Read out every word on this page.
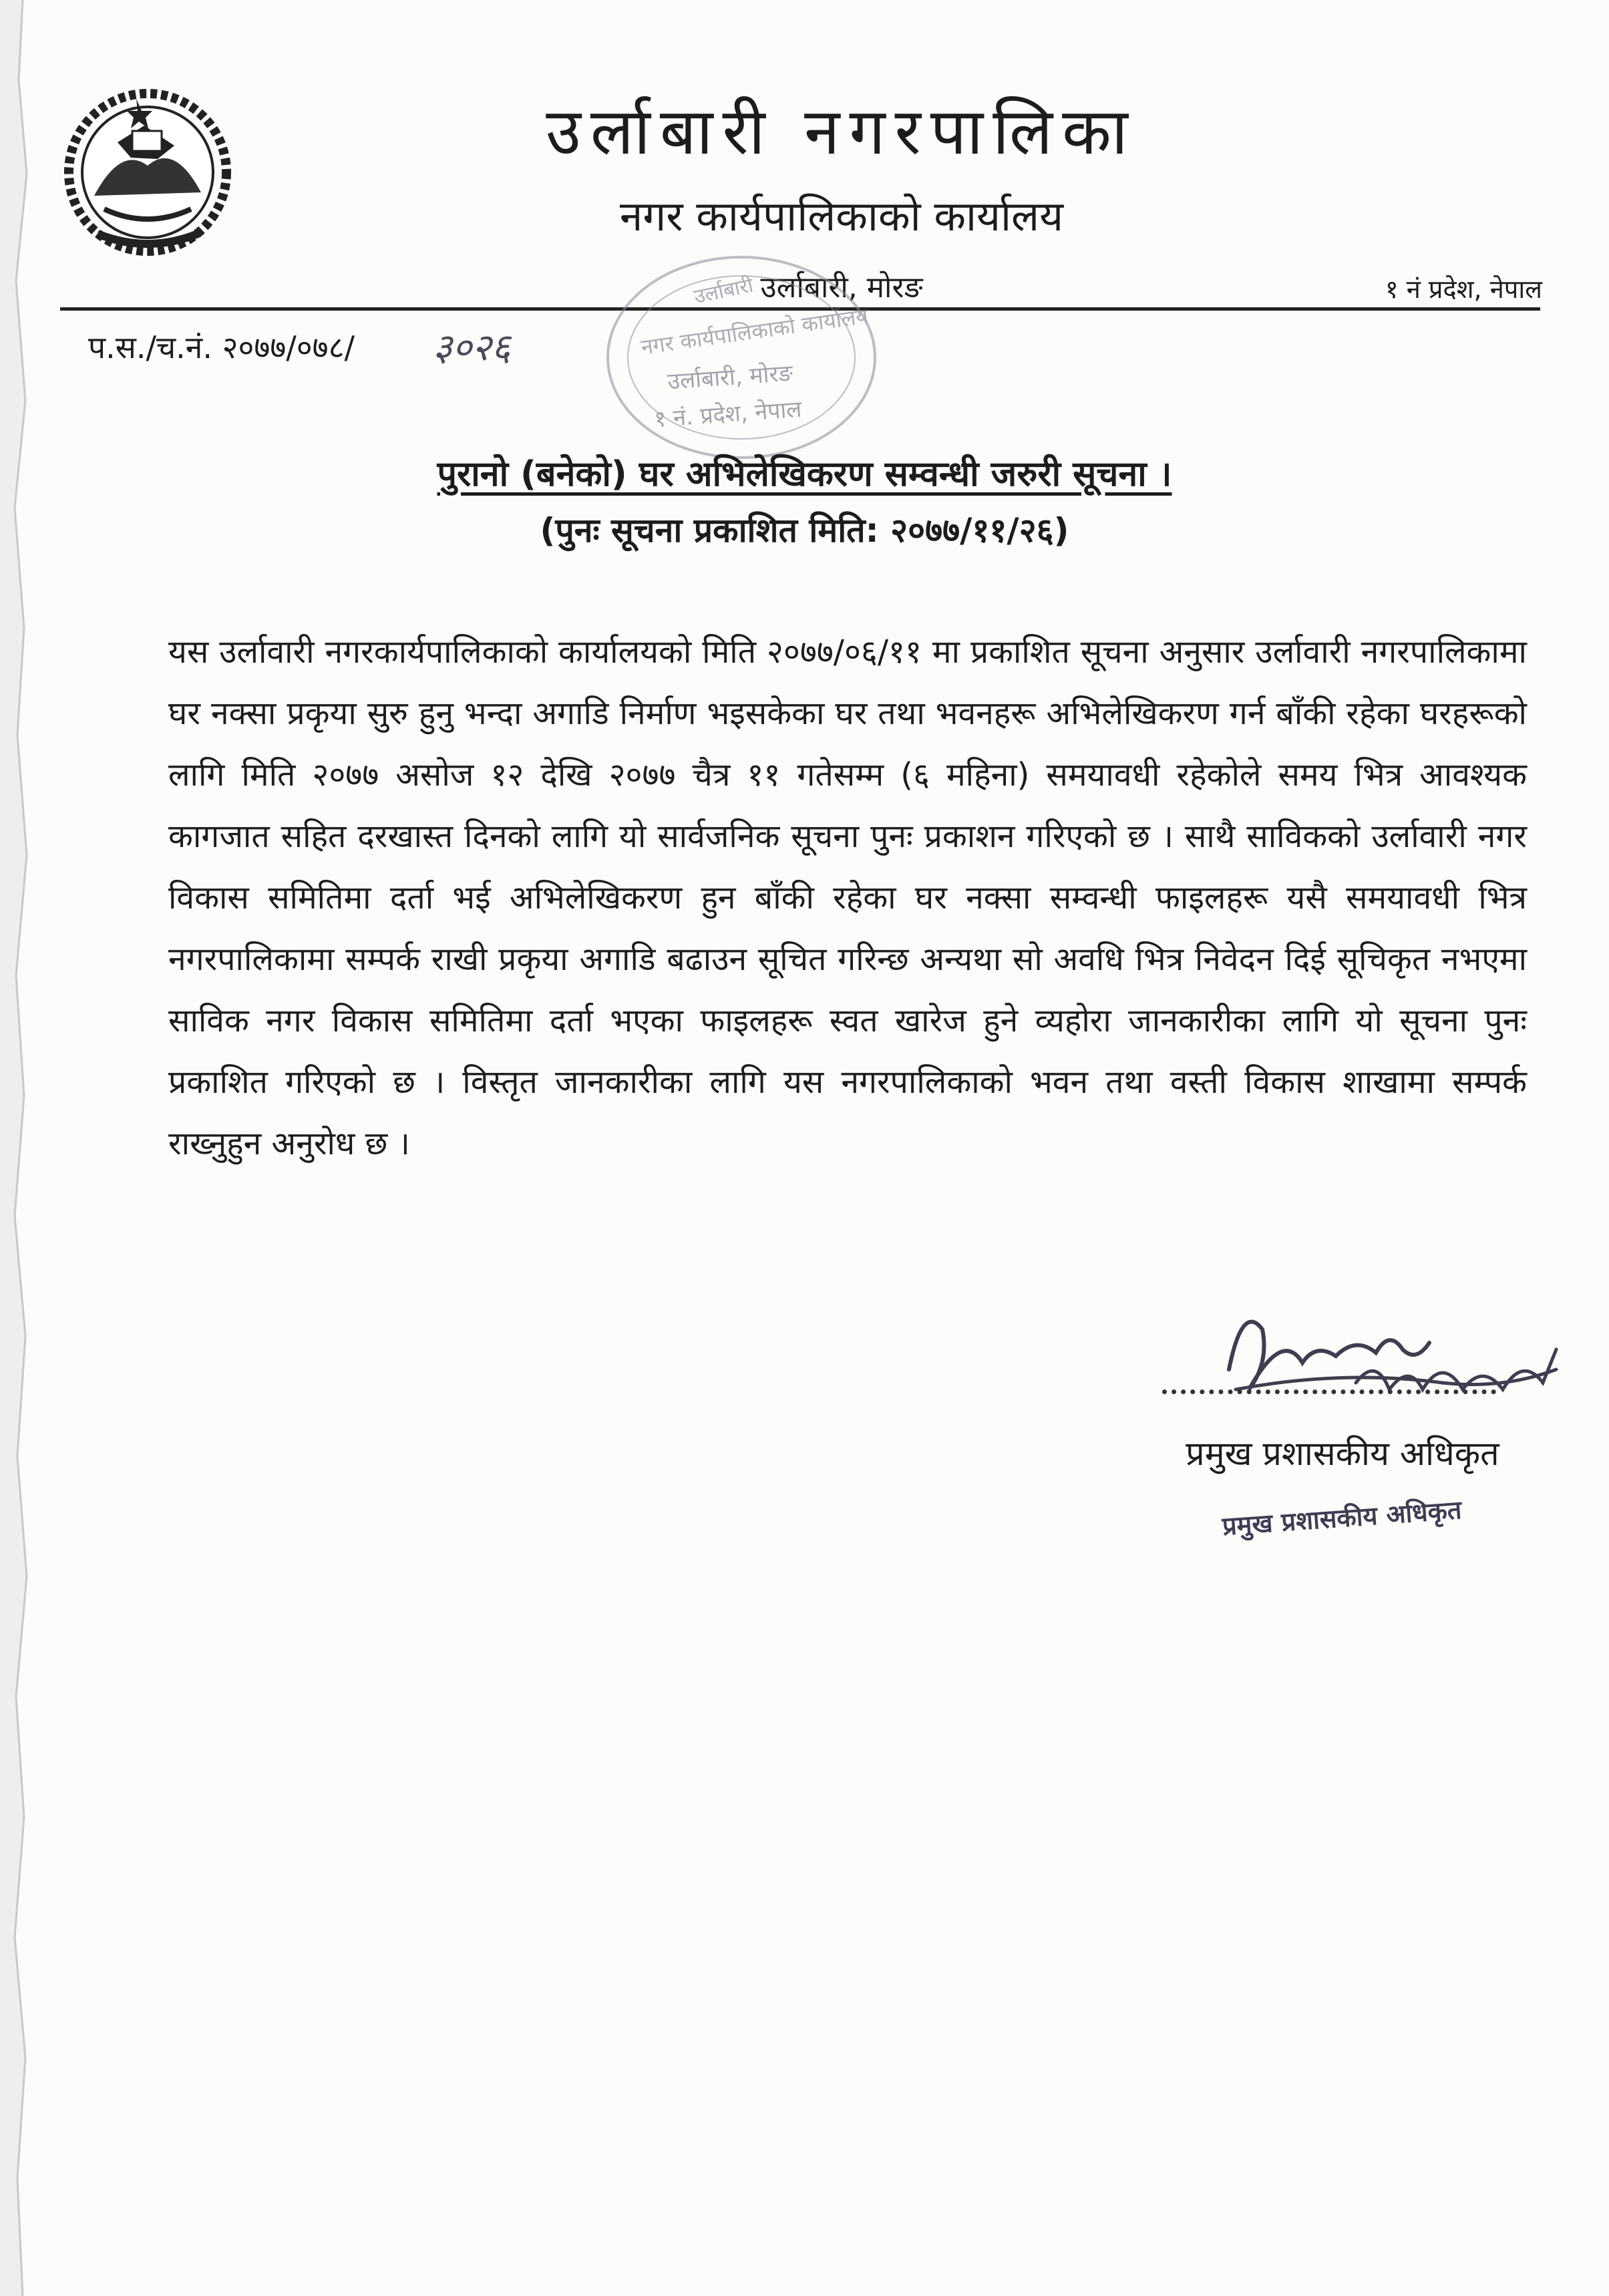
उर्लाबारी नगरपालिका
नगर कार्यपालिकाको कार्यालय
उर्लाबारी, मोरङ	१ नं प्रदेश, नेपाल
उर्लाबारी
नगर कार्यपालिकाको कार्यालय
उर्लाबारी, मोरङ
१ नं. प्रदेश, नेपाल
प.स./च.नं. २०७७/०७८/ ३०२६
पुरानो (बनेको) घर अभिलेखिकरण सम्वन्धी जरुरी सूचना ।
(पुनः सूचना प्रकाशित मिति: २०७७/११/२६)
यस उर्लावारी नगरकार्यपालिकाको कार्यालयको मिति २०७७/०६/११ मा प्रकाशित सूचना अनुसार उर्लावारी नगरपालिकामा घर नक्सा प्रकृया सुरु हुनु भन्दा अगाडि निर्माण भइसकेका घर तथा भवनहरू अभिलेखिकरण गर्न बाँकी रहेका घरहरूको लागि मिति २०७७ असोज १२ देखि २०७७ चैत्र ११ गतेसम्म (६ महिना) समयावधी रहेकोले समय भित्र आवश्यक कागजात सहित दरखास्त दिनको लागि यो सार्वजनिक सूचना पुनः प्रकाशन गरिएको छ । साथै साविकको उर्लावारी नगर विकास समितिमा दर्ता भई अभिलेखिकरण हुन बाँकी रहेका घर नक्सा सम्वन्धी फाइलहरू यसै समयावधी भित्र नगरपालिकामा सम्पर्क राखी प्रकृया अगाडि बढाउन सूचित गरिन्छ अन्यथा सो अवधि भित्र निवेदन दिई सूचिकृत नभएमा साविक नगर विकास समितिमा दर्ता भएका फाइलहरू स्वत खारेज हुने व्यहोरा जानकारीका लागि यो सूचना पुनः प्रकाशित गरिएको छ । विस्तृत जानकारीका लागि यस नगरपालिकाको भवन तथा वस्ती विकास शाखामा सम्पर्क राख्नुहुन अनुरोध छ ।
प्रमुख प्रशासकीय अधिकृत
प्रमुख प्रशासकीय अधिकृत
